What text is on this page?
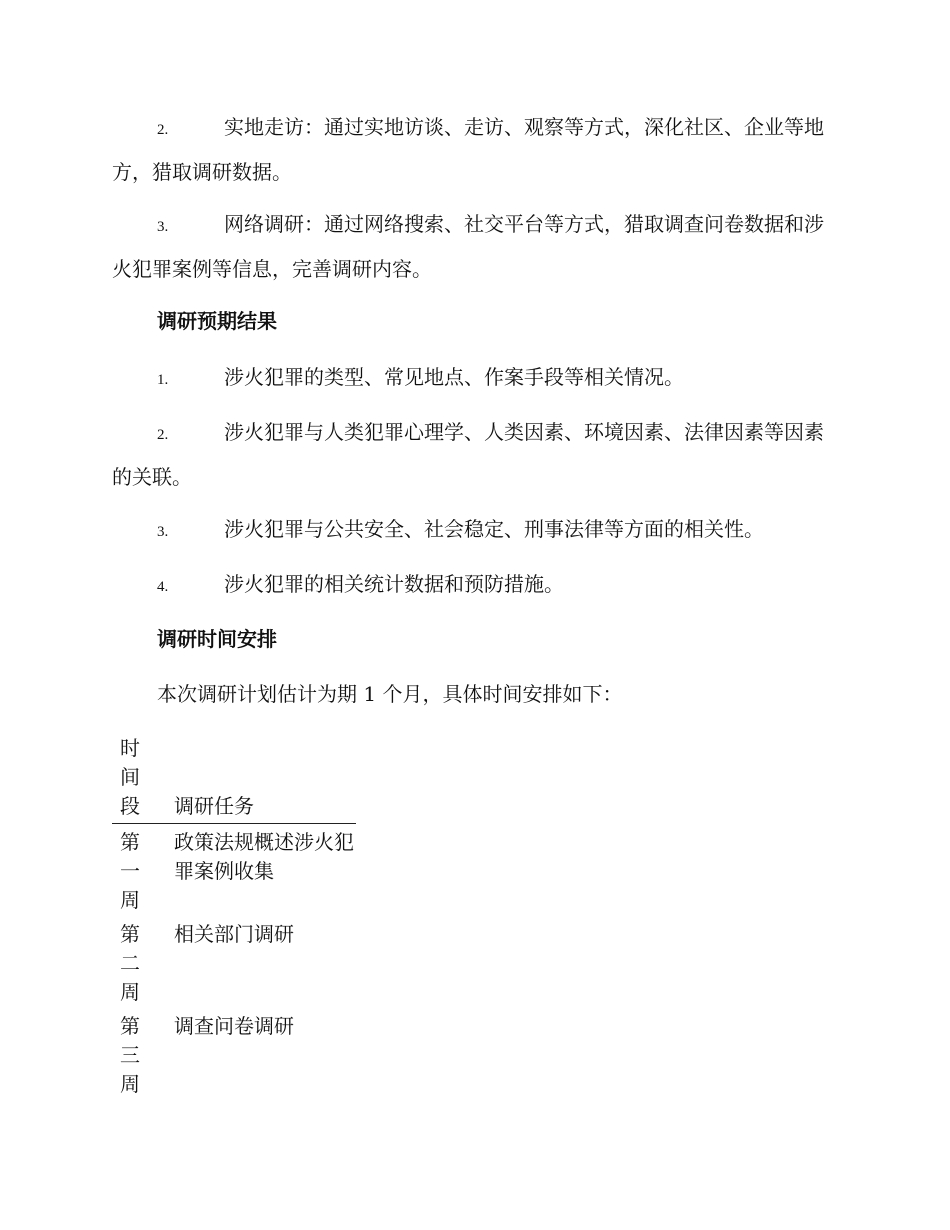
2.	实地走访：通过实地访谈、走访、观察等方式，深化社区、企业等地方，猎取调研数据。
3.	网络调研：通过网络搜索、社交平台等方式，猎取调查问卷数据和涉火犯罪案例等信息，完善调研内容。
调研预期结果
1.	涉火犯罪的类型、常见地点、作案手段等相关情况。
2.	涉火犯罪与人类犯罪心理学、人类因素、环境因素、法律因素等因素的关联。
3.	涉火犯罪与公共安全、社会稳定、刑事法律等方面的相关性。
4.	涉火犯罪的相关统计数据和预防措施。
调研时间安排
本次调研计划估计为期 1 个月，具体时间安排如下：
时间段	调研任务
第一周	政策法规概述涉火犯罪案例收集
第二周	相关部门调研
第三周	调查问卷调研
